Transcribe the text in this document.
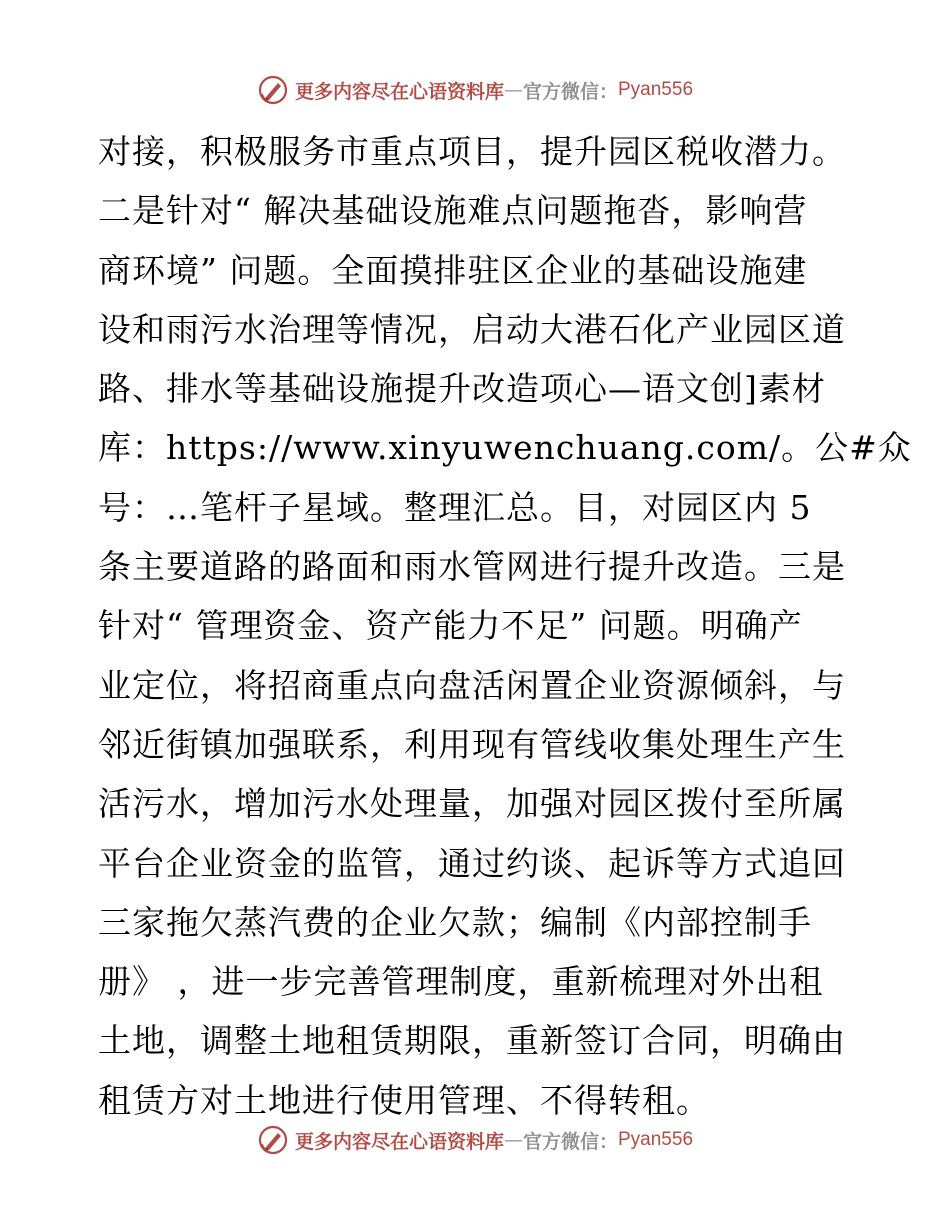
更多内容尽在心语资料库 — 官方微信： Pyan556
对接，积极服务市重点项目，提升园区税收潜力。
二是针对“ 解决基础设施难点问题拖沓，影响营
商环境” 问题。全面摸排驻区企业的基础设施建
设和雨污水治理等情况，启动大港石化产业园区道
路、排水等基础设施提升改造项心—语文创]素材
库：https://www.xinyuwenchuang.com/。公#众
号：…笔杆子星域。整理汇总。目，对园区内 5
条主要道路的路面和雨水管网进行提升改造。三是
针对“ 管理资金、资产能力不足” 问题。明确产
业定位，将招商重点向盘活闲置企业资源倾斜，与
邻近街镇加强联系，利用现有管线收集处理生产生
活污水，增加污水处理量，加强对园区拨付至所属
平台企业资金的监管，通过约谈、起诉等方式追回
三家拖欠蒸汽费的企业欠款；编制《内部控制手
册》 ，进一步完善管理制度，重新梳理对外出租
土地，调整土地租赁期限，重新签订合同，明确由
租赁方对土地进行使用管理、不得转租。
更多内容尽在心语资料库 — 官方微信： Pyan556
